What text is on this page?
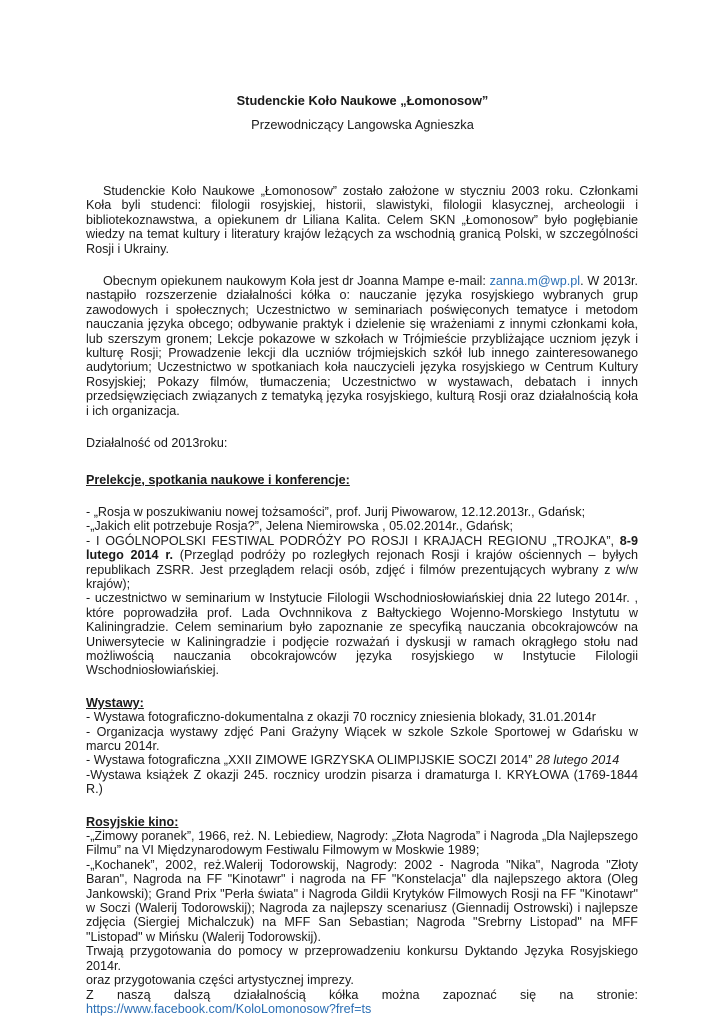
Studenckie Koło Naukowe „Łomonosow”
Przewodniczący Langowska Agnieszka

Studenckie Koło Naukowe „Łomonosow” zostało założone w styczniu 2003 roku. Członkami Koła byli studenci: filologii rosyjskiej, historii, slawistyki, filologii klasycznej, archeologii i bibliotekoznawstwa, a opiekunem dr Liliana Kalita. Celem SKN „Łomonosow” było pogłębianie wiedzy na temat kultury i literatury krajów leżących za wschodnią granicą Polski, w szczególności Rosji i Ukrainy.

Obecnym opiekunem naukowym Koła jest dr Joanna Mampe e-mail: zanna.m@wp.pl. W 2013r. nastąpiło rozszerzenie działalności kółka o: nauczanie języka rosyjskiego wybranych grup zawodowych i społecznych; Uczestnictwo w seminariach poświęconych tematyce i metodom nauczania języka obcego; odbywanie praktyk i dzielenie się wrażeniami z innymi członkami koła, lub szerszym gronem; Lekcje pokazowe w szkołach w Trójmieście przybliżające uczniom język i kulturę Rosji; Prowadzenie lekcji dla uczniów trójmiejskich szkół lub innego zainteresowanego audytorium; Uczestnictwo w spotkaniach koła nauczycieli języka rosyjskiego w Centrum Kultury Rosyjskiej; Pokazy filmów, tłumaczenia; Uczestnictwo w wystawach, debatach i innych przedsięwzięciach związanych z tematyką języka rosyjskiego, kulturą Rosji oraz działalnością koła i ich organizacja.

Działalność od 2013roku:

Prelekcje, spotkania naukowe i konferencje:

- „Rosja w poszukiwaniu nowej tożsamości”, prof. Jurij Piwowarow, 12.12.2013r., Gdańsk;

-„Jakich elit potrzebuje Rosja?”, Jelena Niemirowska , 05.02.2014r., Gdańsk;

- I OGÓLNOPOLSKI FESTIWAL PODRÓŻY PO ROSJI I KRAJACH REGIONU „TROJKA”, 8-9 lutego 2014 r. (Przegląd podróży po rozległych rejonach Rosji i krajów ościennych – byłych republikach ZSRR. Jest przeglądem relacji osób, zdjęć i filmów prezentujących wybrany z w/w krajów);

- uczestnictwo w seminarium w Instytucie Filologii Wschodniosłowiańskiej dnia 22 lutego 2014r. , które poprowadziła prof. Lada Ovchnnikova z Bałtyckiego Wojenno-Morskiego Instytutu w Kaliningradzie. Celem seminarium było zapoznanie ze specyfiką nauczania obcokrajowców na Uniwersytecie w Kaliningradzie i podjęcie rozważań i dyskusji w ramach okrągłego stołu nad możliwością nauczania obcokrajowców języka rosyjskiego w Instytucie Filologii Wschodniosłowiańskiej.

Wystawy:

- Wystawa fotograficzno-dokumentalna z okazji 70 rocznicy zniesienia blokady, 31.01.2014r

- Organizacja wystawy zdjęć Pani Grażyny Wiącek w szkole Szkole Sportowej w Gdańsku w marcu 2014r.

- Wystawa fotograficzna „XXII ZIMOWE IGRZYSKA OLIMPIJSKIE SOCZI 2014” 28 lutego 2014

-Wystawa książek Z okazji 245. rocznicy urodzin pisarza i dramaturga I. KRYŁOWA (1769-1844 R.)

Rosyjskie kino:

-„Zimowy poranek”, 1966, reż. N. Lebiediew, Nagrody: „Złota Nagroda” i Nagroda „Dla Najlepszego Filmu” na VI Międzynarodowym Festiwalu Filmowym w Moskwie 1989;

-„Kochanek”, 2002, reż.Walerij Todorowskij, Nagrody: 2002 - Nagroda "Nika", Nagroda "Złoty Baran", Nagroda na FF "Kinotawr" i nagroda na FF "Konstelacja" dla najlepszego aktora (Oleg Jankowski); Grand Prix "Perła świata" i Nagroda Gildii Krytyków Filmowych Rosji na FF "Kinotawr" w Soczi (Walerij Todorowskij); Nagroda za najlepszy scenariusz (Giennadij Ostrowski) i najlepsze zdjęcia (Siergiej Michalczuk) na MFF San Sebastian; Nagroda "Srebrny Listopad" na MFF "Listopad" w Mińsku (Walerij Todorowskij).

Trwają przygotowania do pomocy w przeprowadzeniu konkursu Dyktando Języka Rosyjskiego 2014r.

oraz przygotowania części artystycznej imprezy.

Z naszą dalszą działalnością kółka można zapoznać się na stronie: https://www.facebook.com/KoloLomonosow?fref=ts
